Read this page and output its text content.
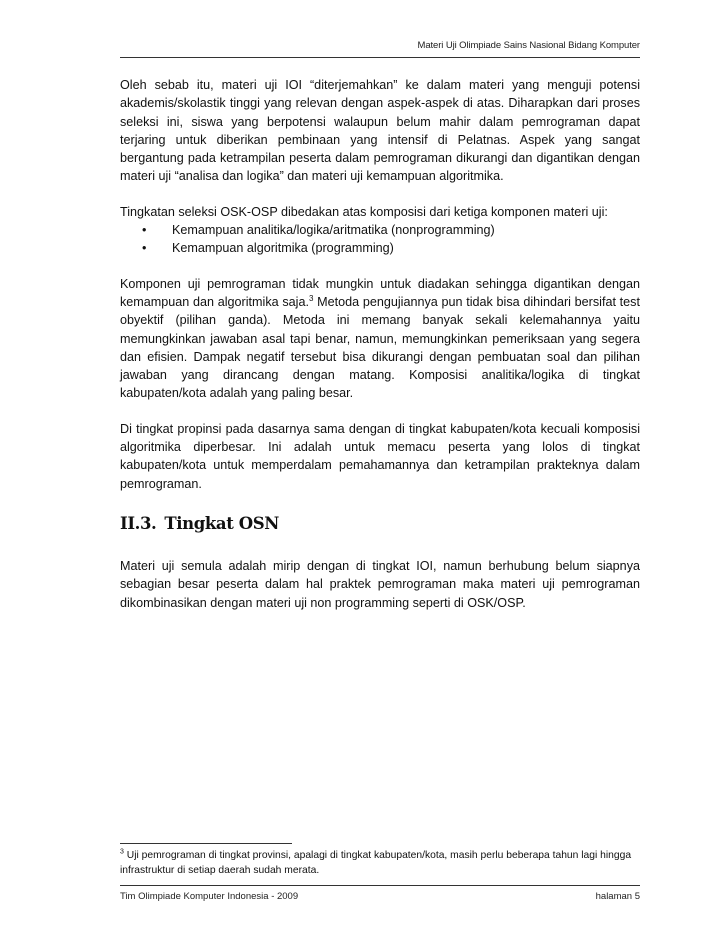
Materi Uji Olimpiade Sains Nasional Bidang Komputer

Oleh sebab itu, materi uji IOI “diterjemahkan” ke dalam materi yang menguji potensi akademis/skolastik tinggi yang relevan dengan aspek-aspek di atas. Diharapkan dari proses seleksi ini, siswa yang berpotensi walaupun belum mahir dalam pemrograman dapat terjaring untuk diberikan pembinaan yang intensif di Pelatnas. Aspek yang sangat bergantung pada ketrampilan peserta dalam pemrograman dikurangi dan digantikan dengan materi uji “analisa dan logika” dan materi uji kemampuan algoritmika.

Tingkatan seleksi OSK-OSP dibedakan atas komposisi dari ketiga komponen materi uji:

• Kemampuan analitika/logika/aritmatika (nonprogramming)
• Kemampuan algoritmika (programming)

Komponen uji pemrograman tidak mungkin untuk diadakan sehingga digantikan dengan kemampuan dan algoritmika saja.$^3$ Metoda pengujiannya pun tidak bisa dihindari bersifat test obyektif (pilihan ganda). Metoda ini memang banyak sekali kelemahannya yaitu memungkinkan jawaban asal tapi benar, namun, memungkinkan pemeriksaan yang segera dan efisien. Dampak negatif tersebut bisa dikurangi dengan pembuatan soal dan pilihan jawaban yang dirancang dengan matang. Komposisi analitika/logika di tingkat kabupaten/kota adalah yang paling besar.

Di tingkat propinsi pada dasarnya sama dengan di tingkat kabupaten/kota kecuali komposisi algoritmika diperbesar. Ini adalah untuk memacu peserta yang lolos di tingkat kabupaten/kota untuk memperdalam pemahamannya dan ketrampilan prakteknya dalam pemrograman.

II.3. Tingkat OSN

Materi uji semula adalah mirip dengan di tingkat IOI, namun berhubung belum siapnya sebagian besar peserta dalam hal praktek pemrograman maka materi uji pemrograman dikombinasikan dengan materi uji non programming seperti di OSK/OSP.

$^3$ Uji pemrograman di tingkat provinsi, apalagi di tingkat kabupaten/kota, masih perlu beberapa tahun lagi hingga infrastruktur di setiap daerah sudah merata.
Tim Olimpiade Komputer Indonesia - 2009	halaman 5
